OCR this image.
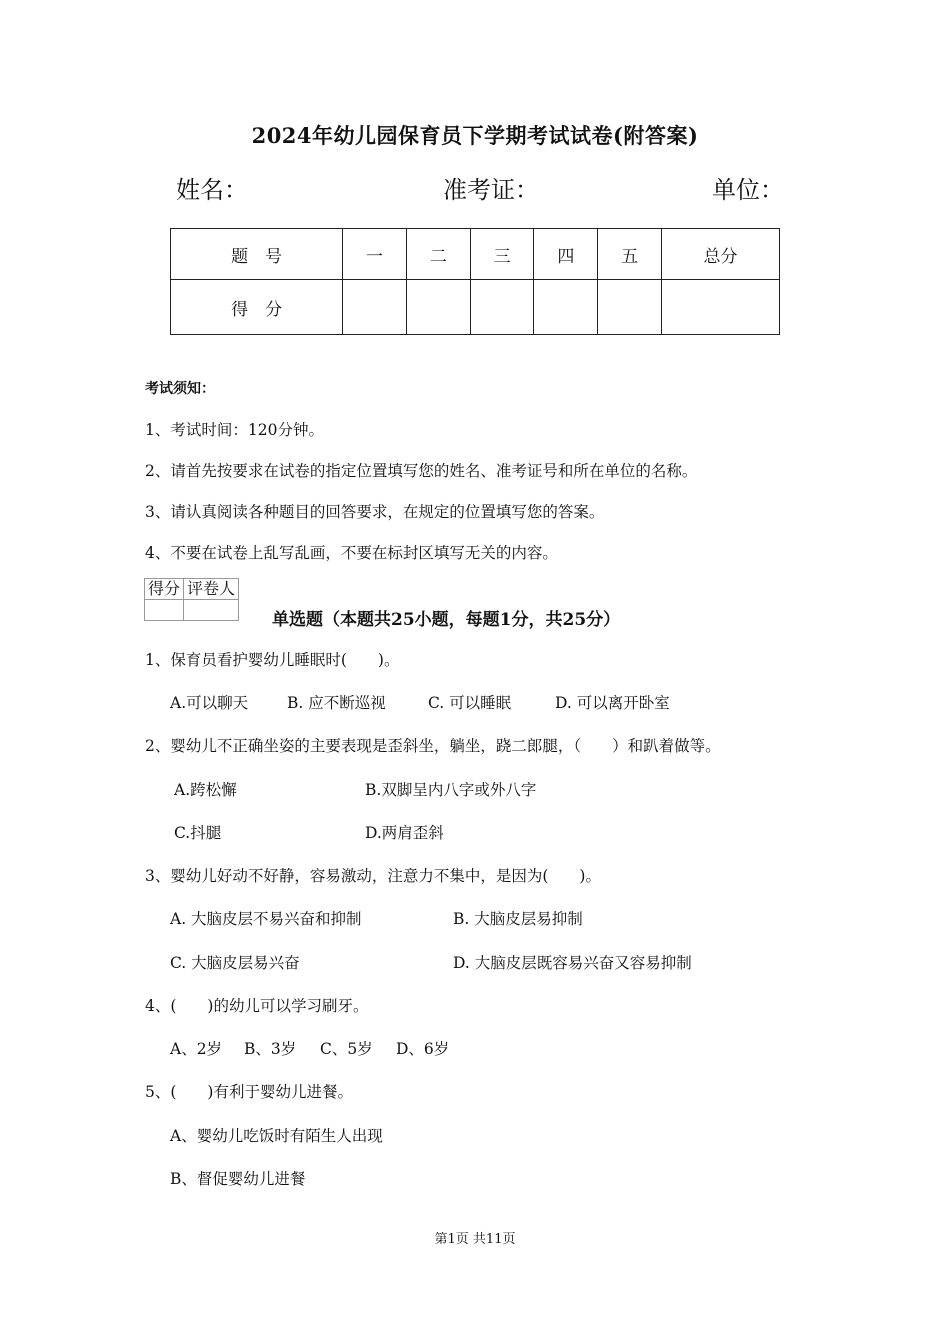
2024年幼儿园保育员下学期考试试卷(附答案)
姓名：	准考证：	单位：
题　号	一	二	三	四	五	总分
得　分						
考试须知：
1、考试时间：120分钟。
2、请首先按要求在试卷的指定位置填写您的姓名、准考证号和所在单位的名称。
3、请认真阅读各种题目的回答要求，在规定的位置填写您的答案。
4、不要在试卷上乱写乱画，不要在标封区填写无关的内容。
得分	评卷人

单选题（本题共25小题，每题1分，共25分）
1、保育员看护婴幼儿睡眠时(　　)。
A.可以聊天	B. 应不断巡视	C. 可以睡眠	D. 可以离开卧室
2、婴幼儿不正确坐姿的主要表现是歪斜坐，躺坐，跷二郎腿，（　　）和趴着做等。
A.跨松懈	B.双脚呈内八字或外八字
C.抖腿	D.两肩歪斜
3、婴幼儿好动不好静，容易激动，注意力不集中，是因为(　　)。
A. 大脑皮层不易兴奋和抑制	B. 大脑皮层易抑制
C. 大脑皮层易兴奋	D. 大脑皮层既容易兴奋又容易抑制
4、(　　)的幼儿可以学习刷牙。
A、2岁 B、3岁 C、5岁 D、6岁
5、(　　)有利于婴幼儿进餐。
A、婴幼儿吃饭时有陌生人出现
B、督促婴幼儿进餐
第1页 共11页
